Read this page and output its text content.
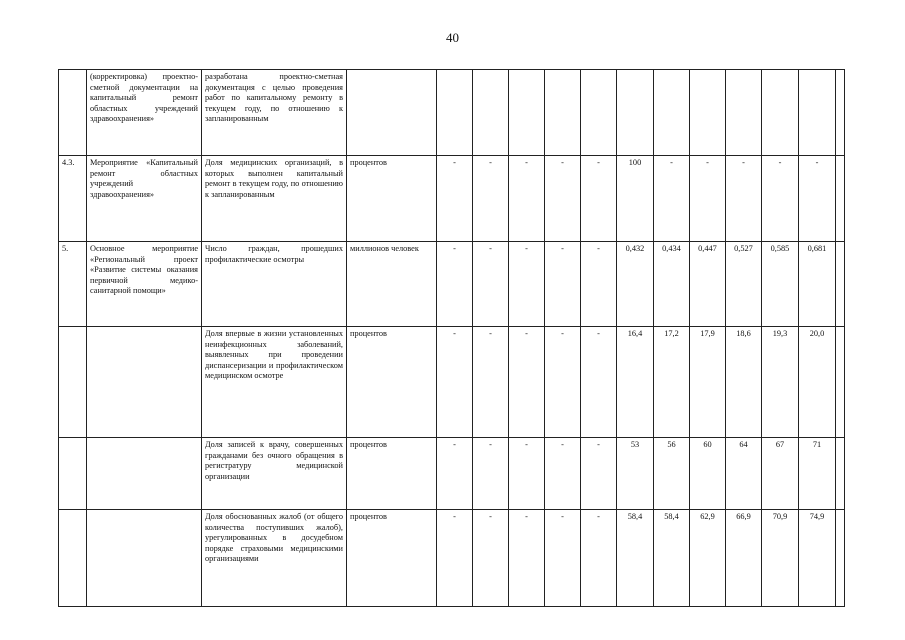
40
	(корректировка) проектно-сметной документации на капитальный ремонт областных учреждений здравоохранения»	разработана проектно-сметная документация с целью проведения работ по капитальному ремонту в текущем году, по отношению к запланированным													
4.3.	Мероприятие «Капитальный ремонт областных учреждений здравоохранения»	Доля медицинских организаций, в которых выполнен капитальный ремонт в текущем году, по отношению к запланированным	процентов	-	-	-	-	-	100	-	-	-	-	-	
5.	Основное мероприятие «Региональный проект «Развитие системы оказания первичной медико-санитарной помощи»	Число граждан, прошедших профилактические осмотры	миллионов человек	-	-	-	-	-	0,432	0,434	0,447	0,527	0,585	0,681	
		Доля впервые в жизни установленных неинфекционных заболеваний, выявленных при проведении диспансеризации и профилактическом медицинском осмотре	процентов	-	-	-	-	-	16,4	17,2	17,9	18,6	19,3	20,0	
		Доля записей к врачу, совершенных гражданами без очного обращения в регистратуру медицинской организации	процентов	-	-	-	-	-	53	56	60	64	67	71	
		Доля обоснованных жалоб (от общего количества поступивших жалоб), урегулированных в досудебном порядке страховыми медицинскими организациями	процентов	-	-	-	-	-	58,4	58,4	62,9	66,9	70,9	74,9	
